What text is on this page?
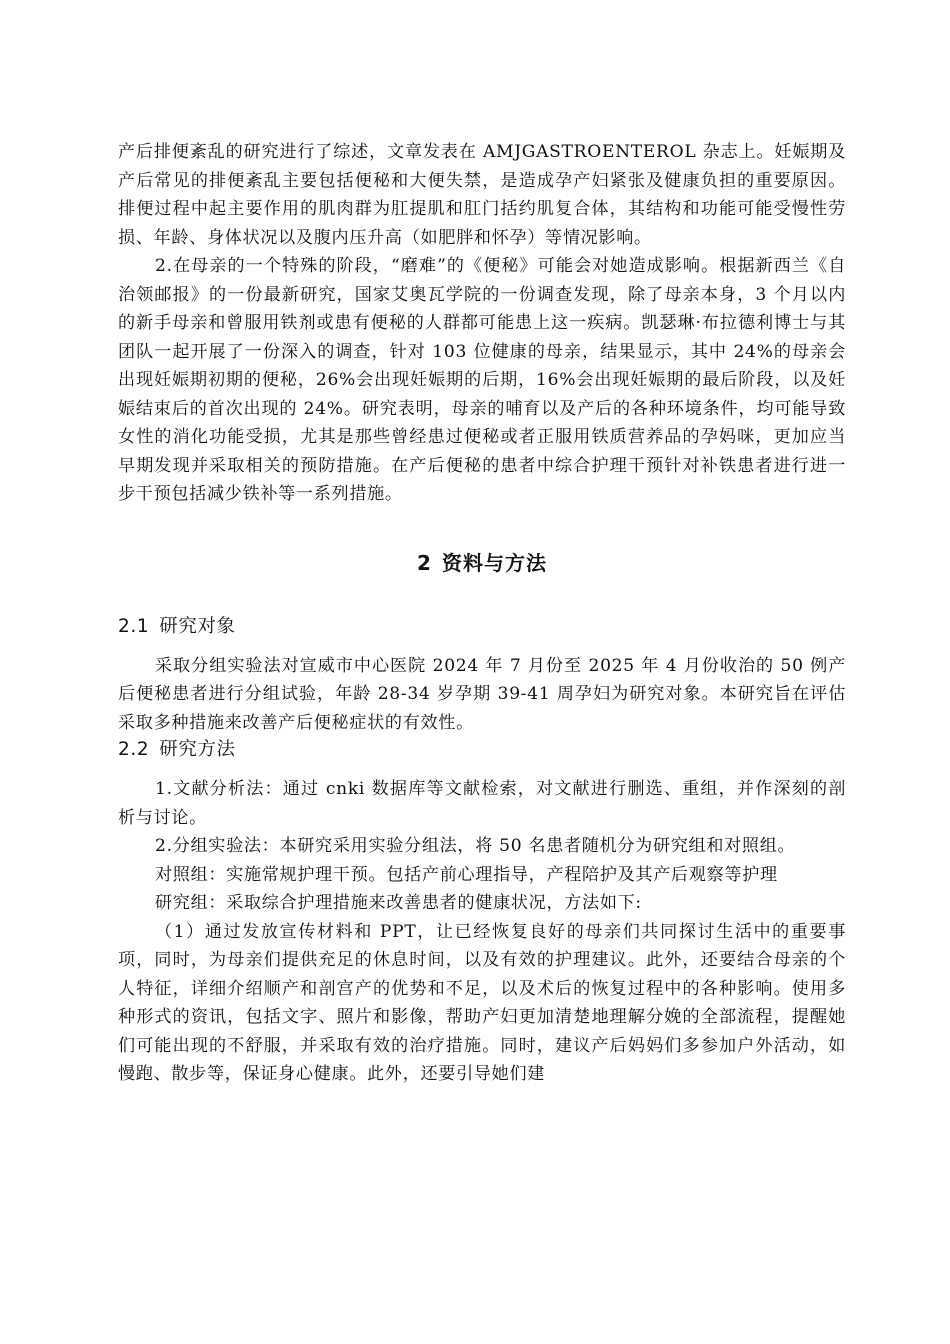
产后排便紊乱的研究进行了综述，文章发表在 AMJGASTROENTEROL 杂志上。妊娠期及产后常见的排便紊乱主要包括便秘和大便失禁，是造成孕产妇紧张及健康负担的重要原因。排便过程中起主要作用的肌肉群为肛提肌和肛门括约肌复合体，其结构和功能可能受慢性劳损、年龄、身体状况以及腹内压升高（如肥胖和怀孕）等情况影响。

2.在母亲的一个特殊的阶段，“磨难”的《便秘》可能会对她造成影响。根据新西兰《自治领邮报》的一份最新研究，国家艾奥瓦学院的一份调查发现，除了母亲本身，3 个月以内的新手母亲和曾服用铁剂或患有便秘的人群都可能患上这一疾病。凯瑟琳·布拉德利博士与其团队一起开展了一份深入的调查，针对 103 位健康的母亲，结果显示，其中 24%的母亲会出现妊娠期初期的便秘，26%会出现妊娠期的后期，16%会出现妊娠期的最后阶段，以及妊娠结束后的首次出现的 24%。研究表明，母亲的哺育以及产后的各种环境条件，均可能导致女性的消化功能受损，尤其是那些曾经患过便秘或者正服用铁质营养品的孕妈咪，更加应当早期发现并采取相关的预防措施。在产后便秘的患者中综合护理干预针对补铁患者进行进一步干预包括减少铁补等一系列措施。

2 资料与方法
2.1 研究对象

采取分组实验法对宣威市中心医院 2024 年 7 月份至 2025 年 4 月份收治的 50 例产后便秘患者进行分组试验，年龄 28-34 岁孕期 39-41 周孕妇为研究对象。本研究旨在评估采取多种措施来改善产后便秘症状的有效性。

2.2 研究方法

1.文献分析法：通过 cnki 数据库等文献检索，对文献进行删选、重组，并作深刻的剖析与讨论。

2.分组实验法：本研究采用实验分组法，将 50 名患者随机分为研究组和对照组。

对照组：实施常规护理干预。包括产前心理指导，产程陪护及其产后观察等护理

研究组：采取综合护理措施来改善患者的健康状况，方法如下:

（1）通过发放宣传材料和 PPT，让已经恢复良好的母亲们共同探讨生活中的重要事项，同时，为母亲们提供充足的休息时间，以及有效的护理建议。此外，还要结合母亲的个人特征，详细介绍顺产和剖宫产的优势和不足，以及术后的恢复过程中的各种影响。使用多种形式的资讯，包括文字、照片和影像，帮助产妇更加清楚地理解分娩的全部流程，提醒她们可能出现的不舒服，并采取有效的治疗措施。同时，建议产后妈妈们多参加户外活动，如慢跑、散步等，保证身心健康。此外，还要引导她们建
